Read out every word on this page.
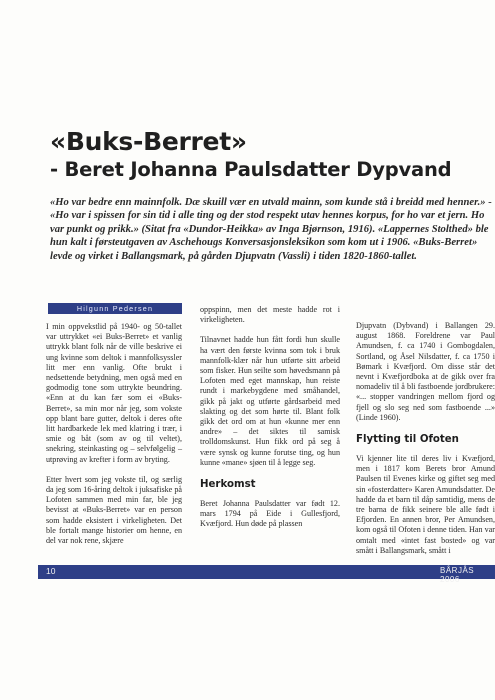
«Buks-Berret»
- Beret Johanna Paulsdatter Dypvand

«Ho var bedre enn mainnfolk. Dæ skuill vær en utvald mainn, som kunde stå i breidd med henner.» - «Ho var i spissen for sin tid i alle ting og der stod respekt utav hennes korpus, for ho var et jern. Ho var punkt og prikk.» (Sitat fra «Dundor-Heikka» av Inga Bjørnson, 1916). «Lappernes Stolthed» ble hun kalt i førsteutgaven av Aschehougs Konversasjonsleksikon som kom ut i 1906. «Buks-Berret» levde og virket i Ballangsmark, på gården Djupvatn (Vassli) i tiden 1820-1860-tallet.

Hilgunn Pedersen

I min oppvekstlid på 1940- og 50-tallet var uttrykket «ei Buks-Berret» et vanlig uttrykk blant folk når de ville beskrive ei ung kvinne som deltok i mannfolksyssler litt mer enn vanlig. Ofte brukt i nedsettende betydning, men også med en godmodig tone som uttrykte beundring. «Enn at du kan fær som ei «Buks-Berret», sa min mor når jeg, som vokste opp blant bare gutter, deltok i deres ofte litt hardbarkede lek med klatring i trær, i smie og båt (som av og til veltet), snekring, steinkasting og – selvfølgelig – utprøving av krefter i form av bryting.

Etter hvert som jeg vokste til, og særlig da jeg som 16-åring deltok i juksafiske på Lofoten sammen med min far, ble jeg bevisst at «Buks-Berret» var en person som hadde eksistert i virkeligheten. Det ble fortalt mange historier om henne, en del var nok rene, skjære

oppspinn, men det meste hadde rot i virkeligheten.

Tilnavnet hadde hun fått fordi hun skulle ha vært den første kvinna som tok i bruk mannfolk-klær når hun utførte sitt arbeid som fisker. Hun seilte som høvedsmann på Lofoten med eget mannskap, hun reiste rundt i markebygdene med småhandel, gikk på jakt og utførte gårdsarbeid med slakting og det som hørte til. Blant folk gikk det ord om at hun «kunne mer enn andre» – det siktes til samisk trolldomskunst. Hun fikk ord på seg å være synsk og kunne forutse ting, og hun kunne «mane» sjøen til å legge seg.

Herkomst

Beret Johanna Paulsdatter var født 12. mars 1794 på Eide i Gullesfjord, Kvæfjord. Hun døde på plassen

Djupvatn (Dybvand) i Ballangen 29. august 1868. Foreldrene var Paul Amundsen, f. ca 1740 i Gombogdalen, Sortland, og Åsel Nilsdatter, f. ca 1750 i Bømark i Kvæfjord. Om disse står det nevnt i Kvæfjordboka at de gikk over fra nomadeliv til å bli fastboende jordbrukere: «... stopper vandringen mellom fjord og fjell og slo seg ned som fastboende ...» (Linde 1960).

Flytting til Ofoten

Vi kjenner lite til deres liv i Kvæfjord, men i 1817 kom Berets bror Amund Paulsen til Evenes kirke og giftet seg med sin «fosterdatter» Karen Amundsdatter. De hadde da et barn til dåp samtidig, mens de tre barna de fikk seinere ble alle født i Efjorden. En annen bror, Per Amundsen, kom også til Ofoten i denne tiden. Han var omtalt med «intet fast bosted» og var smått i Ballangsmark, smått i

10	BÅRJÅS 2006
